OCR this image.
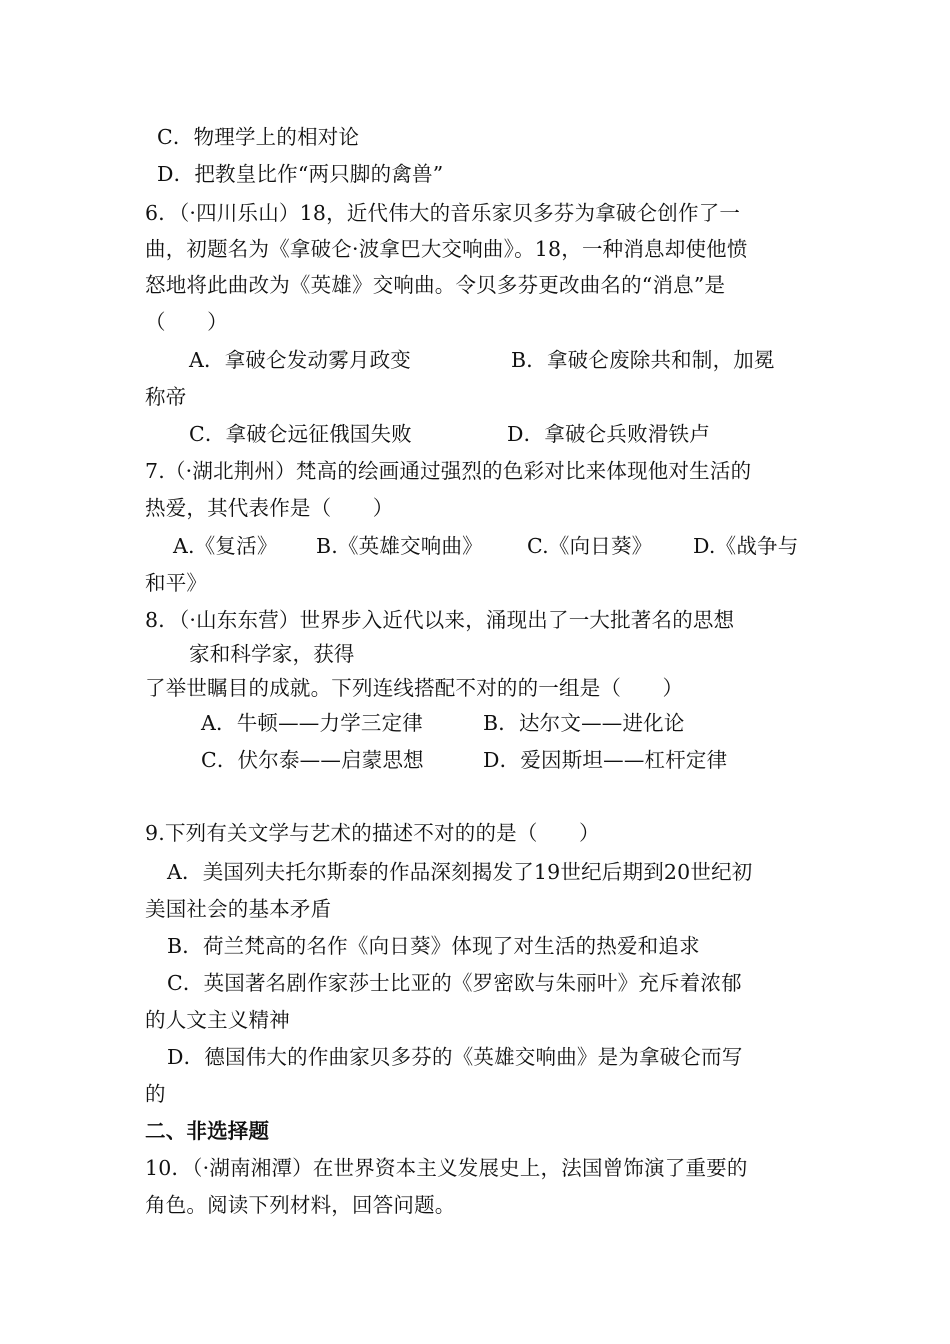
C．物理学上的相对论
D．把教皇比作“两只脚的禽兽”
6．（·四川乐山）18，近代伟大的音乐家贝多芬为拿破仑创作了一
曲，初题名为《拿破仑·波拿巴大交响曲》。18，一种消息却使他愤
怒地将此曲改为《英雄》交响曲。令贝多芬更改曲名的“消息”是
（　　）
A．拿破仑发动雾月政变	B．拿破仑废除共和制，加冕
称帝
C．拿破仑远征俄国失败	D．拿破仑兵败滑铁卢
7.（·湖北荆州）梵高的绘画通过强烈的色彩对比来体现他对生活的
热爱，其代表作是（　　）
A.《复活》 B.《英雄交响曲》 C.《向日葵》 D.《战争与
和平》
8．（·山东东营）世界步入近代以来，涌现出了一大批著名的思想
家和科学家，获得
了举世瞩目的成就。下列连线搭配不对的的一组是（　　）
A．牛顿——力学三定律	B．达尔文——进化论
C．伏尔泰——启蒙思想	D．爱因斯坦——杠杆定律
9.下列有关文学与艺术的描述不对的的是（　　）
A．美国列夫托尔斯泰的作品深刻揭发了19世纪后期到20世纪初
美国社会的基本矛盾
B．荷兰梵高的名作《向日葵》体现了对生活的热爱和追求
C．英国著名剧作家莎士比亚的《罗密欧与朱丽叶》充斥着浓郁
的人文主义精神
D．德国伟大的作曲家贝多芬的《英雄交响曲》是为拿破仑而写
的
二、非选择题
10．（·湖南湘潭）在世界资本主义发展史上，法国曾饰演了重要的
角色。阅读下列材料，回答问题。
